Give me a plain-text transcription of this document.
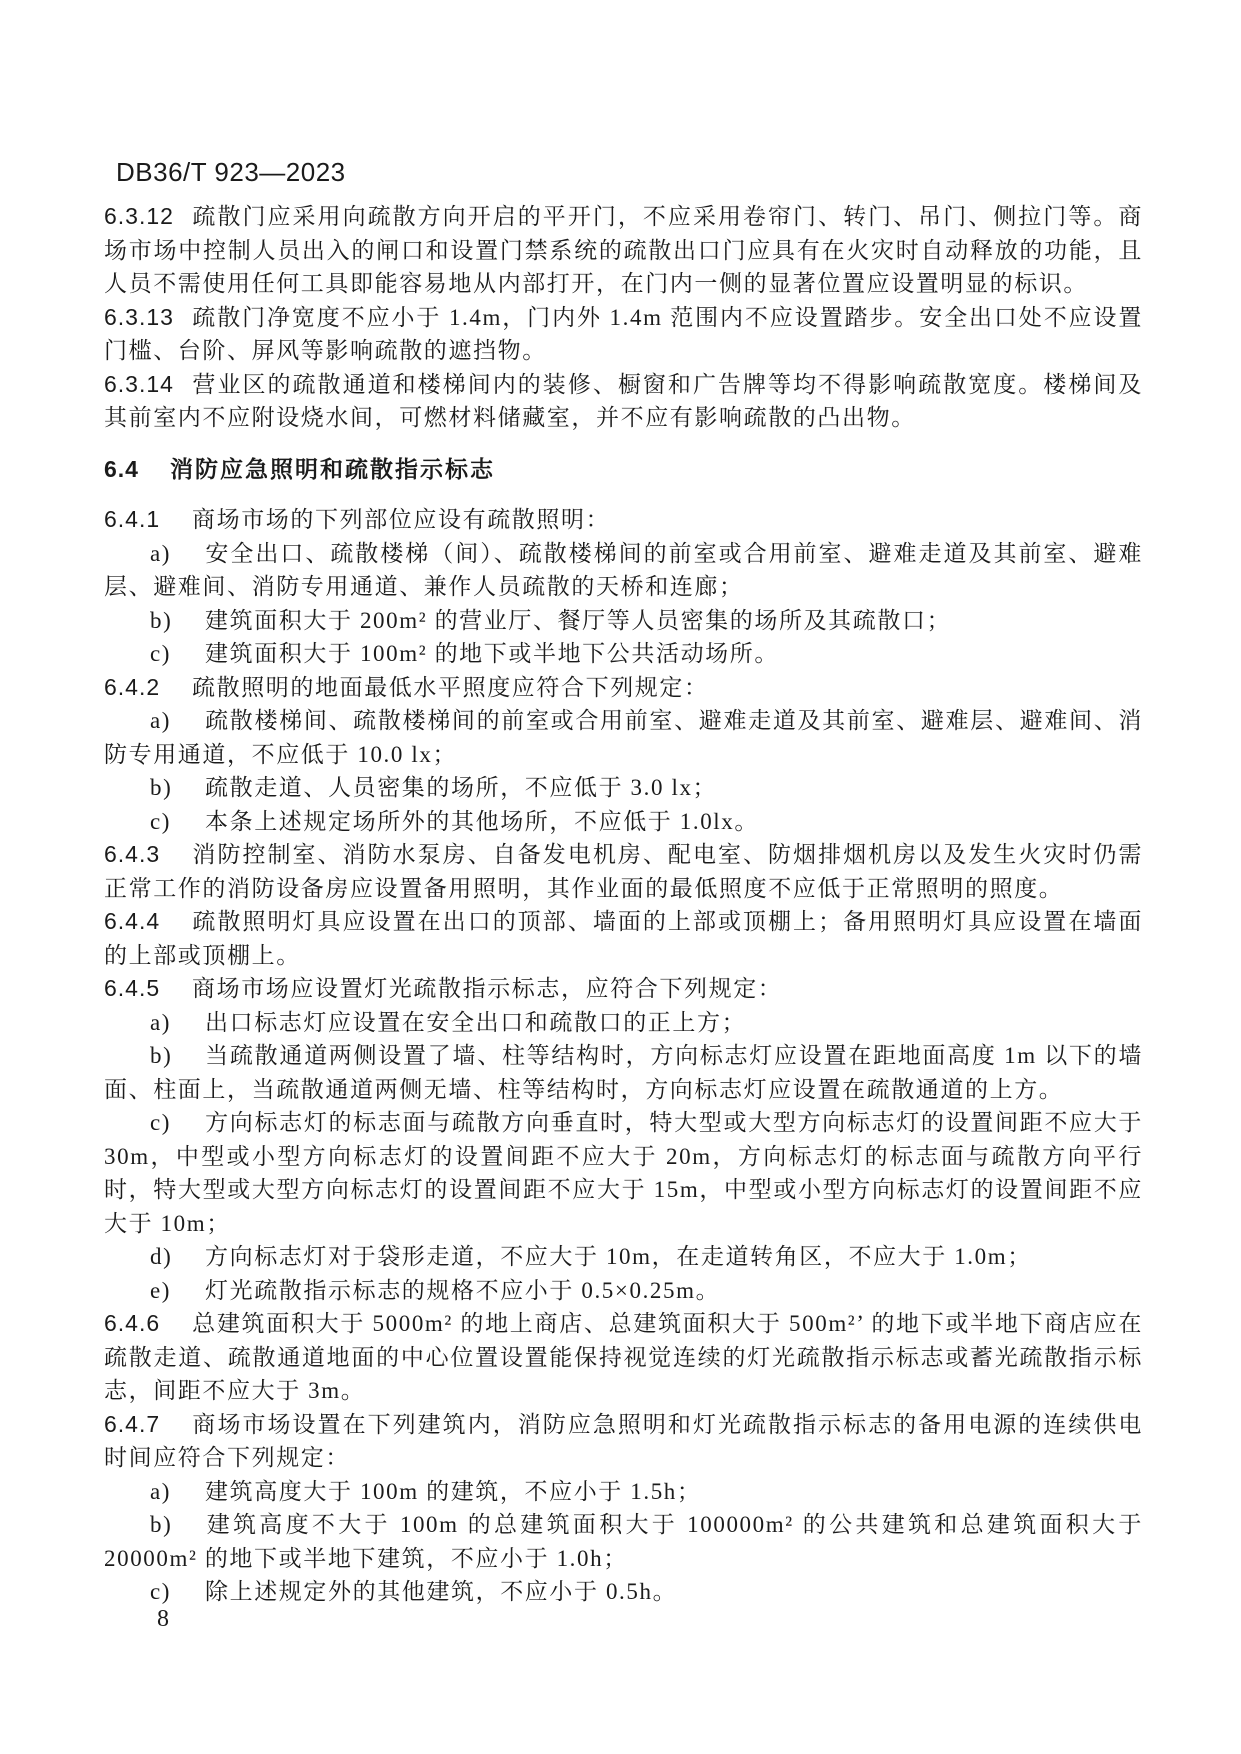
DB36/T 923—2023

6.3.12 疏散门应采用向疏散方向开启的平开门，不应采用卷帘门、转门、吊门、侧拉门等。商场市场中控制人员出入的闸口和设置门禁系统的疏散出口门应具有在火灾时自动释放的功能，且人员不需使用任何工具即能容易地从内部打开，在门内一侧的显著位置应设置明显的标识。

6.3.13 疏散门净宽度不应小于 1.4m，门内外 1.4m 范围内不应设置踏步。安全出口处不应设置门槛、台阶、屏风等影响疏散的遮挡物。

6.3.14 营业区的疏散通道和楼梯间内的装修、橱窗和广告牌等均不得影响疏散宽度。楼梯间及其前室内不应附设烧水间，可燃材料储藏室，并不应有影响疏散的凸出物。

6.4 消防应急照明和疏散指示标志

6.4.1 商场市场的下列部位应设有疏散照明：

a) 安全出口、疏散楼梯（间）、疏散楼梯间的前室或合用前室、避难走道及其前室、避难层、避难间、消防专用通道、兼作人员疏散的天桥和连廊；

b) 建筑面积大于 200m² 的营业厅、餐厅等人员密集的场所及其疏散口；

c) 建筑面积大于 100m² 的地下或半地下公共活动场所。

6.4.2 疏散照明的地面最低水平照度应符合下列规定：

a) 疏散楼梯间、疏散楼梯间的前室或合用前室、避难走道及其前室、避难层、避难间、消防专用通道，不应低于 10.0 lx；

b) 疏散走道、人员密集的场所，不应低于 3.0 lx；

c) 本条上述规定场所外的其他场所，不应低于 1.0lx。

6.4.3 消防控制室、消防水泵房、自备发电机房、配电室、防烟排烟机房以及发生火灾时仍需正常工作的消防设备房应设置备用照明，其作业面的最低照度不应低于正常照明的照度。

6.4.4 疏散照明灯具应设置在出口的顶部、墙面的上部或顶棚上；备用照明灯具应设置在墙面的上部或顶棚上。

6.4.5 商场市场应设置灯光疏散指示标志，应符合下列规定：

a) 出口标志灯应设置在安全出口和疏散口的正上方；

b) 当疏散通道两侧设置了墙、柱等结构时，方向标志灯应设置在距地面高度 1m 以下的墙面、柱面上，当疏散通道两侧无墙、柱等结构时，方向标志灯应设置在疏散通道的上方。

c) 方向标志灯的标志面与疏散方向垂直时，特大型或大型方向标志灯的设置间距不应大于 30m，中型或小型方向标志灯的设置间距不应大于 20m，方向标志灯的标志面与疏散方向平行时，特大型或大型方向标志灯的设置间距不应大于 15m，中型或小型方向标志灯的设置间距不应大于 10m；

d) 方向标志灯对于袋形走道，不应大于 10m，在走道转角区，不应大于 1.0m；

e) 灯光疏散指示标志的规格不应小于 0.5×0.25m。

6.4.6 总建筑面积大于 5000m² 的地上商店、总建筑面积大于 500m²’ 的地下或半地下商店应在疏散走道、疏散通道地面的中心位置设置能保持视觉连续的灯光疏散指示标志或蓄光疏散指示标志，间距不应大于 3m。

6.4.7 商场市场设置在下列建筑内，消防应急照明和灯光疏散指示标志的备用电源的连续供电时间应符合下列规定：

a) 建筑高度大于 100m 的建筑，不应小于 1.5h；

b) 建筑高度不大于 100m 的总建筑面积大于 100000m² 的公共建筑和总建筑面积大于 20000m² 的地下或半地下建筑，不应小于 1.0h；

c) 除上述规定外的其他建筑，不应小于 0.5h。

8
